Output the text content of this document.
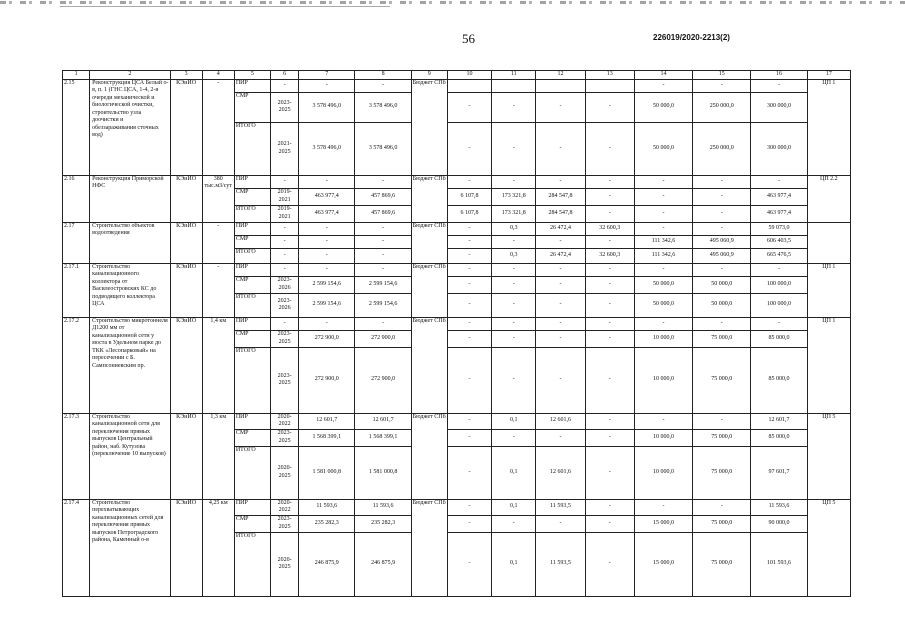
56	226019/2020-2213(2)
1	2	3	4	5	6	7	8	9	10	11	12	13	14	15	16	17
2.15	Реконструкция ЦСА Белый о-в, п. 1 (ГНС ЦСА, 1-4, 2-я очереди механической и биологической очистки, строительство узла доочистки и обеззараживания сточных вод)	КЭиИО	-	ПИР	-	-	-	Бюджет СПб					-	-	-	ЦП 1
				СМР	2023-2025	3 578 496,0	3 578 496,0		-	-	-	-	50 000,0	250 000,0	300 000,0	
				ИТОГО	2021-2025	3 578 496,0	3 578 496,0		-	-	-	-	50 000,0	250 000,0	300 000,0	
2.16	Реконструкция Приморской НФС	КЭиИО	380 тыс.м3/сут	ПИР	-	-	-	Бюджет СПб	-	-	-	-	-	-	-	ЦП 2.2
				СМР	2019-2021	463 977,4	457 869,6		6 107,8	173 321,8	284 547,8	-	-	-	463 977,4	
				ИТОГО	2019-2021	463 977,4	457 869,6		6 107,8	173 321,8	284 547,8	-	-	-	463 977,4	
2.17	Строительство объектов водоотведения	КЭиИО	-	ПИР	-	-	-	Бюджет СПб	-	0,3	26 472,4	32 600,3	-	-	59 073,0	
				СМР	-	-	-		-	-	-	-	111 342,6	495 060,9	606 403,5	
				ИТОГО	-	-	-		-	0,3	26 472,4	32 600,3	111 342,6	495 060,9	665 476,5	
2.17.1	Строительство канализационного коллектора от Василеостровских КС до подводящего коллектора ЦСА	КЭиИО	-	ПИР	-	-	-	Бюджет СПб	-	-	-	-	-	-	-	ЦП 1
				СМР	2023-2026	2 599 154,6	2 599 154,6		-	-	-	-	50 000,0	50 000,0	100 000,0	
				ИТОГО	2023-2026	2 599 154,6	2 599 154,6		-	-	-	-	50 000,0	50 000,0	100 000,0	
2.17.2	Строительство микротоннеля Д1200 мм от канализационной сети у моста в Удельном парке до ТКК «Лесопарковый» на пересечении с Б. Сампсониевским пр.	КЭиИО	1,4 км	ПИР	-	-	-	Бюджет СПб	-	-	-	-	-	-	-	ЦП 1
				СМР	2023-2025	272 900,0	272 900,0		-	-	-	-	10 000,0	75 000,0	85 000,0	
				ИТОГО	2023-2025	272 900,0	272 900,0		-	-	-	-	10 000,0	75 000,0	85 000,0	
2.17.3	Строительство канализационной сети для переключения прямых выпусков Центральный район, наб. Кутузова (переключение 10 выпусков)	КЭиИО	1,3 км	ПИР	2020-2022	12 601,7	12 601,7	Бюджет СПб	-	0,1	12 601,6	-	-	-	12 601,7	ЦП 5
				СМР	2023-2025	1 568 399,1	1 568 399,1		-	-	-	-	10 000,0	75 000,0	85 000,0	
				ИТОГО	2020-2025	1 581 000,8	1 581 000,8		-	0,1	12 601,6	-	10 000,0	75 000,0	97 601,7	
2.17.4	Строительство перехватывающих канализационных сетей для переключения прямых выпусков Петроградского района, Каменный о-в	КЭиИО	4,25 км	ПИР	2020-2022	11 593,6	11 593,6	Бюджет СПб	-	0,1	11 593,5	-	-	-	11 593,6	ЦП 5
				СМР	2023-2025	235 282,3	235 282,3		-	-	-	-	15 000,0	75 000,0	90 000,0	
				ИТОГО	2020-2025	246 875,9	246 875,9		-	0,1	11 593,5	-	15 000,0	75 000,0	101 593,6	
